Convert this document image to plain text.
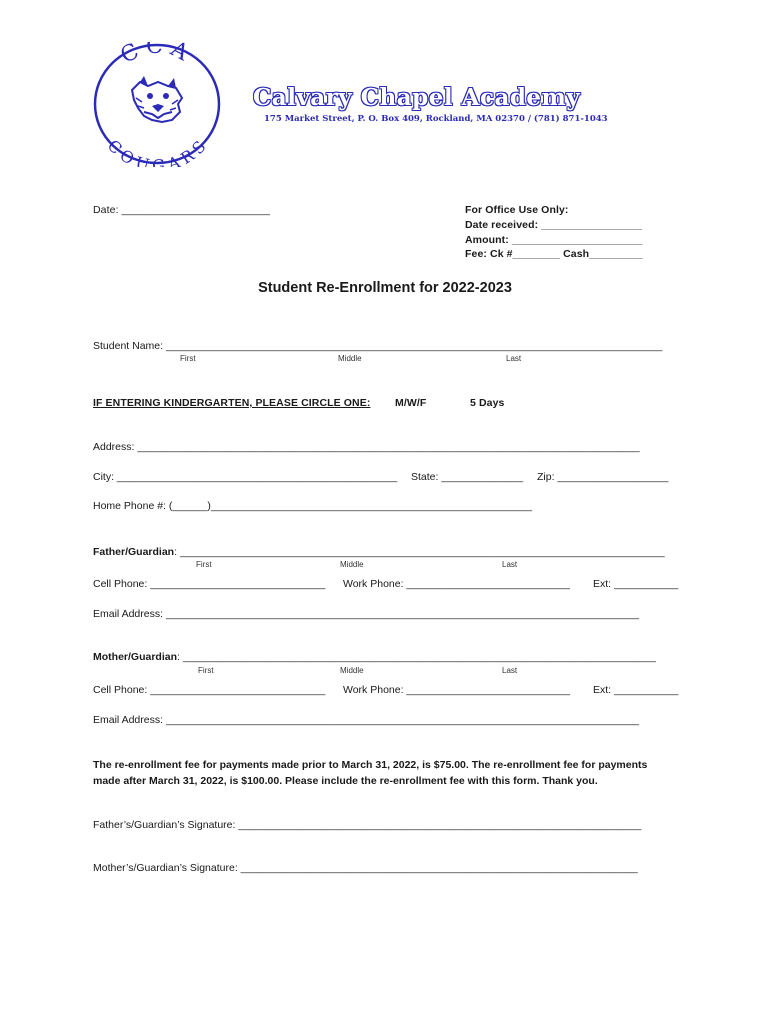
CCA
COUGARS
Calvary Chapel Academy
175 Market Street, P. O. Box 409, Rockland, MA 02370 / (781) 871-1043
Date: _________________________	For Office Use Only:
Date received: _________________
Amount: ______________________
Fee: Ck #________ Cash_________
Student Re-Enrollment for 2022-2023
Student Name: _____________________________________________________________________________________
First	Middle	Last
IF ENTERING KINDERGARTEN, PLEASE CIRCLE ONE: M/W/F	5 Days
Address: ______________________________________________________________________________________
City: ________________________________________________ State: ______________ Zip: ___________________
Home Phone #: (______)_______________________________________________________
Father/Guardian: ___________________________________________________________________________________
First	Middle	Last
Cell Phone: ______________________________ Work Phone: ____________________________ Ext: ___________
Email Address: _________________________________________________________________________________
Mother/Guardian: _________________________________________________________________________________
First	Middle	Last
Cell Phone: ______________________________ Work Phone: ____________________________ Ext: ___________
Email Address: _________________________________________________________________________________
The re-enrollment fee for payments made prior to March 31, 2022, is $75.00. The re-enrollment fee for payments made after March 31, 2022, is $100.00. Please include the re-enrollment fee with this form. Thank you.
Father’s/Guardian’s Signature: _____________________________________________________________________
Mother’s/Guardian’s Signature: ____________________________________________________________________
